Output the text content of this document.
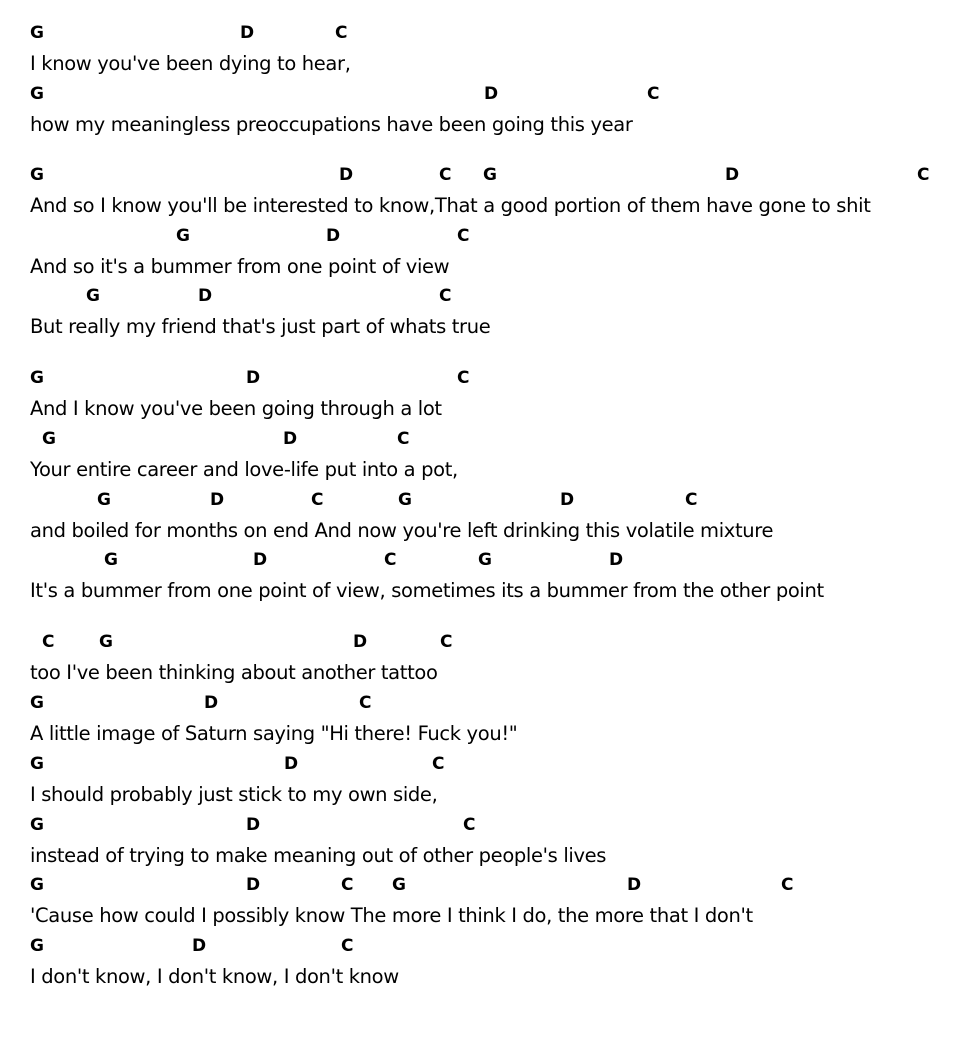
G	D	C
I know you've been dying to hear,
G	D	C
how my meaningless preoccupations have been going this year
G	D	C G	D	C
And so I know you'll be interested to know,That a good portion of them have gone to shit
G	D	C
And so it's a bummer from one point of view
G	D	C
But really my friend that's just part of whats true
G	D	C
And I know you've been going through a lot
G	D	C
Your entire career and love-life put into a pot,
G	D	C	G	D	C
and boiled for months on end And now you're left drinking this volatile mixture
G	D	C	G	D
It's a bummer from one point of view, sometimes its a bummer from the other point
C	G	D	C
too I've been thinking about another tattoo
G	D	C
A little image of Saturn saying "Hi there! Fuck you!"
G	D	C
I should probably just stick to my own side,
G	D	C
instead of trying to make meaning out of other people's lives
G	D	C G	D	C
'Cause how could I possibly know The more I think I do, the more that I don't
G	D	C
I don't know, I don't know, I don't know
